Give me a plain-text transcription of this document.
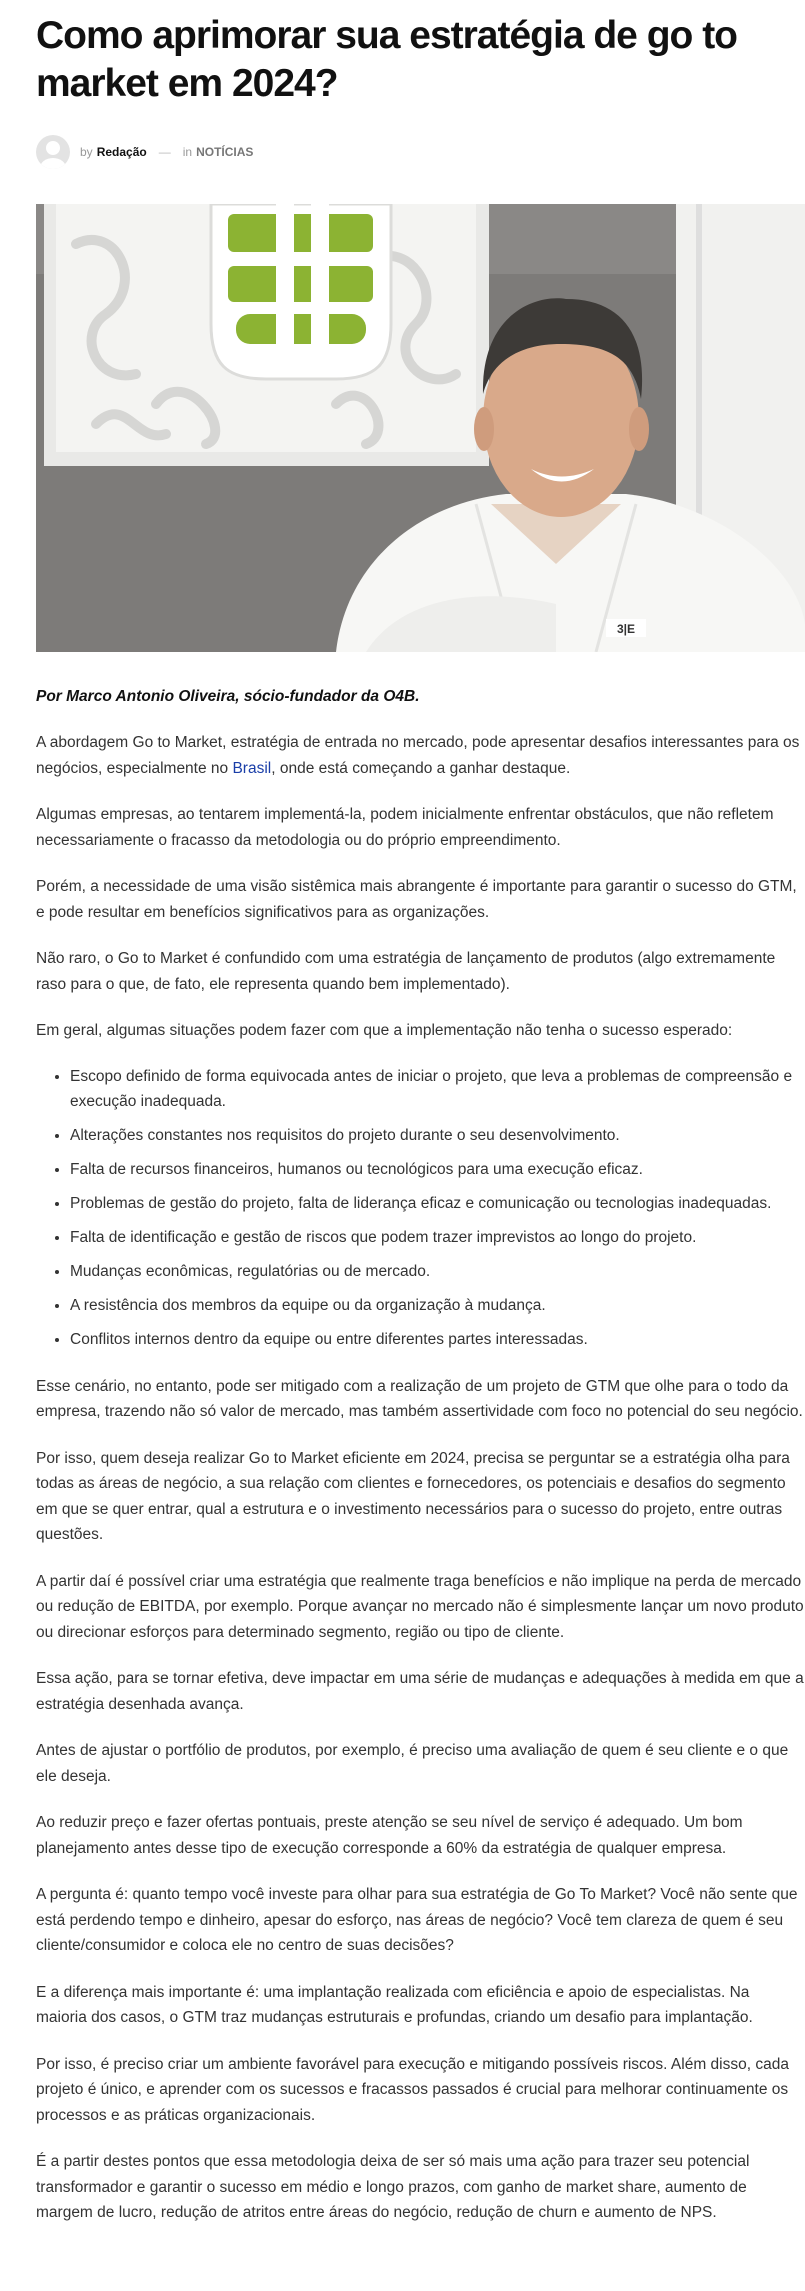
Como aprimorar sua estratégia de go to market em 2024?
by Redação — in NOTÍCIAS
3|E
Por Marco Antonio Oliveira, sócio-fundador da O4B.

A abordagem Go to Market, estratégia de entrada no mercado, pode apresentar desafios interessantes para os negócios, especialmente no Brasil, onde está começando a ganhar destaque.

Algumas empresas, ao tentarem implementá-la, podem inicialmente enfrentar obstáculos, que não refletem necessariamente o fracasso da metodologia ou do próprio empreendimento.

Porém, a necessidade de uma visão sistêmica mais abrangente é importante para garantir o sucesso do GTM, e pode resultar em benefícios significativos para as organizações.

Não raro, o Go to Market é confundido com uma estratégia de lançamento de produtos (algo extremamente raso para o que, de fato, ele representa quando bem implementado).

Em geral, algumas situações podem fazer com que a implementação não tenha o sucesso esperado:

• Escopo definido de forma equivocada antes de iniciar o projeto, que leva a problemas de compreensão e execução inadequada.
• Alterações constantes nos requisitos do projeto durante o seu desenvolvimento.
• Falta de recursos financeiros, humanos ou tecnológicos para uma execução eficaz.
• Problemas de gestão do projeto, falta de liderança eficaz e comunicação ou tecnologias inadequadas.
• Falta de identificação e gestão de riscos que podem trazer imprevistos ao longo do projeto.
• Mudanças econômicas, regulatórias ou de mercado.
• A resistência dos membros da equipe ou da organização à mudança.
• Conflitos internos dentro da equipe ou entre diferentes partes interessadas.

Esse cenário, no entanto, pode ser mitigado com a realização de um projeto de GTM que olhe para o todo da empresa, trazendo não só valor de mercado, mas também assertividade com foco no potencial do seu negócio.

Por isso, quem deseja realizar Go to Market eficiente em 2024, precisa se perguntar se a estratégia olha para todas as áreas de negócio, a sua relação com clientes e fornecedores, os potenciais e desafios do segmento em que se quer entrar, qual a estrutura e o investimento necessários para o sucesso do projeto, entre outras questões.

A partir daí é possível criar uma estratégia que realmente traga benefícios e não implique na perda de mercado ou redução de EBITDA, por exemplo. Porque avançar no mercado não é simplesmente lançar um novo produto ou direcionar esforços para determinado segmento, região ou tipo de cliente.

Essa ação, para se tornar efetiva, deve impactar em uma série de mudanças e adequações à medida em que a estratégia desenhada avança.

Antes de ajustar o portfólio de produtos, por exemplo, é preciso uma avaliação de quem é seu cliente e o que ele deseja.

Ao reduzir preço e fazer ofertas pontuais, preste atenção se seu nível de serviço é adequado. Um bom planejamento antes desse tipo de execução corresponde a 60% da estratégia de qualquer empresa.

A pergunta é: quanto tempo você investe para olhar para sua estratégia de Go To Market? Você não sente que está perdendo tempo e dinheiro, apesar do esforço, nas áreas de negócio? Você tem clareza de quem é seu cliente/consumidor e coloca ele no centro de suas decisões?

E a diferença mais importante é: uma implantação realizada com eficiência e apoio de especialistas. Na maioria dos casos, o GTM traz mudanças estruturais e profundas, criando um desafio para implantação.

Por isso, é preciso criar um ambiente favorável para execução e mitigando possíveis riscos. Além disso, cada projeto é único, e aprender com os sucessos e fracassos passados é crucial para melhorar continuamente os processos e as práticas organizacionais.

É a partir destes pontos que essa metodologia deixa de ser só mais uma ação para trazer seu potencial transformador e garantir o sucesso em médio e longo prazos, com ganho de market share, aumento de margem de lucro, redução de atritos entre áreas do negócio, redução de churn e aumento de NPS.
